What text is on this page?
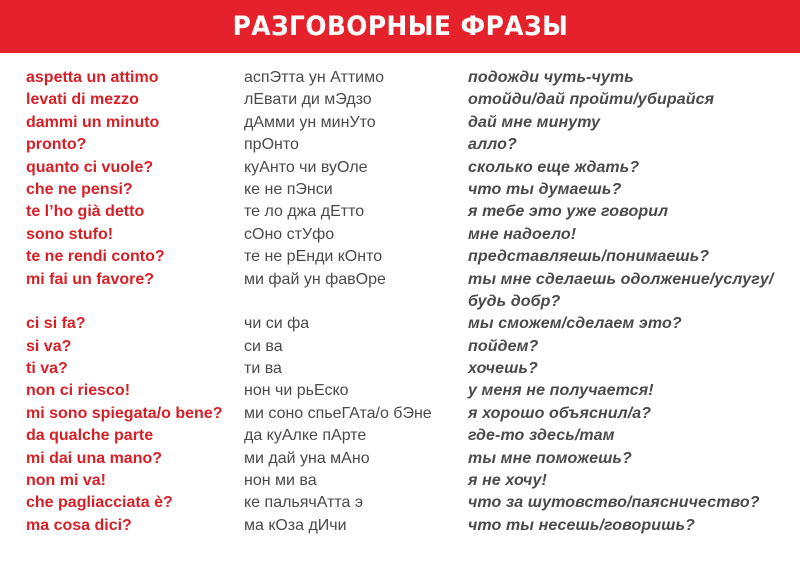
РАЗГОВОРНЫЕ ФРАЗЫ
aspetta un attimo
levati di mezzo
dammi un minuto
pronto?
quanto ci vuole?
che ne pensi?
te l’ho già detto
sono stufo!
te ne rendi conto?
mi fai un favore?
ci si fa?
si va?
ti va?
non ci riesco!
mi sono spiegata/o bene?
da qualche parte
mi dai una mano?
non mi va!
che pagliacciata è?
ma cosa dici?
аспЭтта ун Аттимо
лЕвати ди мЭдзо
дАмми ун минУто
прОнто
куАнто чи вуОле
ке не пЭнси
те ло джа дЕтто
сОно стУфо
те не рЕнди кОнто
ми фай ун фавОре
чи си фа
си ва
ти ва
нон чи рьЕско
ми соно спьеГАта/о бЭне
да куАлке пАрте
ми дай уна мАно
нон ми ва
ке пальячАтта э
ма кОза дИчи
подожди чуть-чуть
отойди/дай пройти/убирайся
дай мне минуту
алло?
сколько еще ждать?
что ты думаешь?
я тебе это уже говорил
мне надоело!
представляешь/понимаешь?
ты мне сделаешь одолжение/услугу/
будь добр?
мы сможем/сделаем это?
пойдем?
хочешь?
у меня не получается!
я хорошо объяснил/а?
где-то здесь/там
ты мне поможешь?
я не хочу!
что за шутовство/паясничество?
что ты несешь/говоришь?
